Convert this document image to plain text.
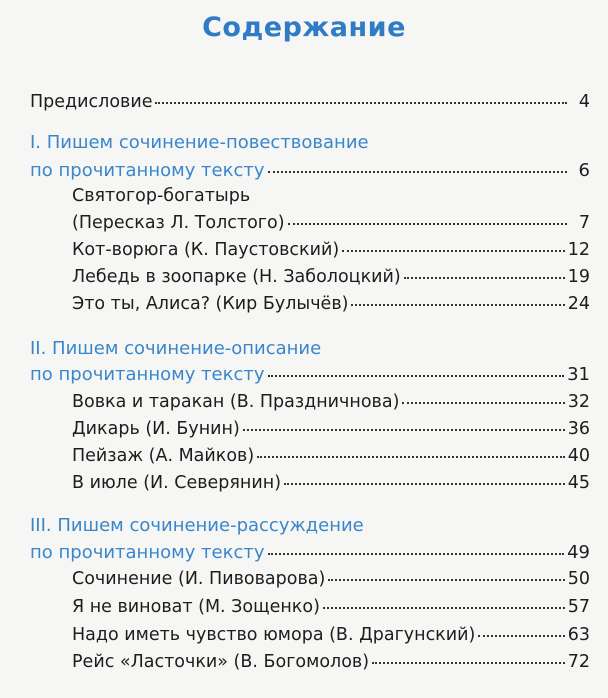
Содержание
Предисловие	4
I. Пишем сочинение-повествование
по прочитанному тексту	6
Святогор-богатырь
(Пересказ Л. Толстого)	7
Кот-ворюга (К. Паустовский)	12
Лебедь в зоопарке (Н. Заболоцкий)	19
Это ты, Алиса? (Кир Булычёв)	24
II. Пишем сочинение-описание
по прочитанному тексту	31
Вовка и таракан (В. Праздничнова)	32
Дикарь (И. Бунин)	36
Пейзаж (А. Майков)	40
В июле (И. Северянин)	45
III. Пишем сочинение-рассуждение
по прочитанному тексту	49
Сочинение (И. Пивоварова)	50
Я не виноват (М. Зощенко)	57
Надо иметь чувство юмора (В. Драгунский)	63
Рейс «Ласточки» (В. Богомолов)	72
